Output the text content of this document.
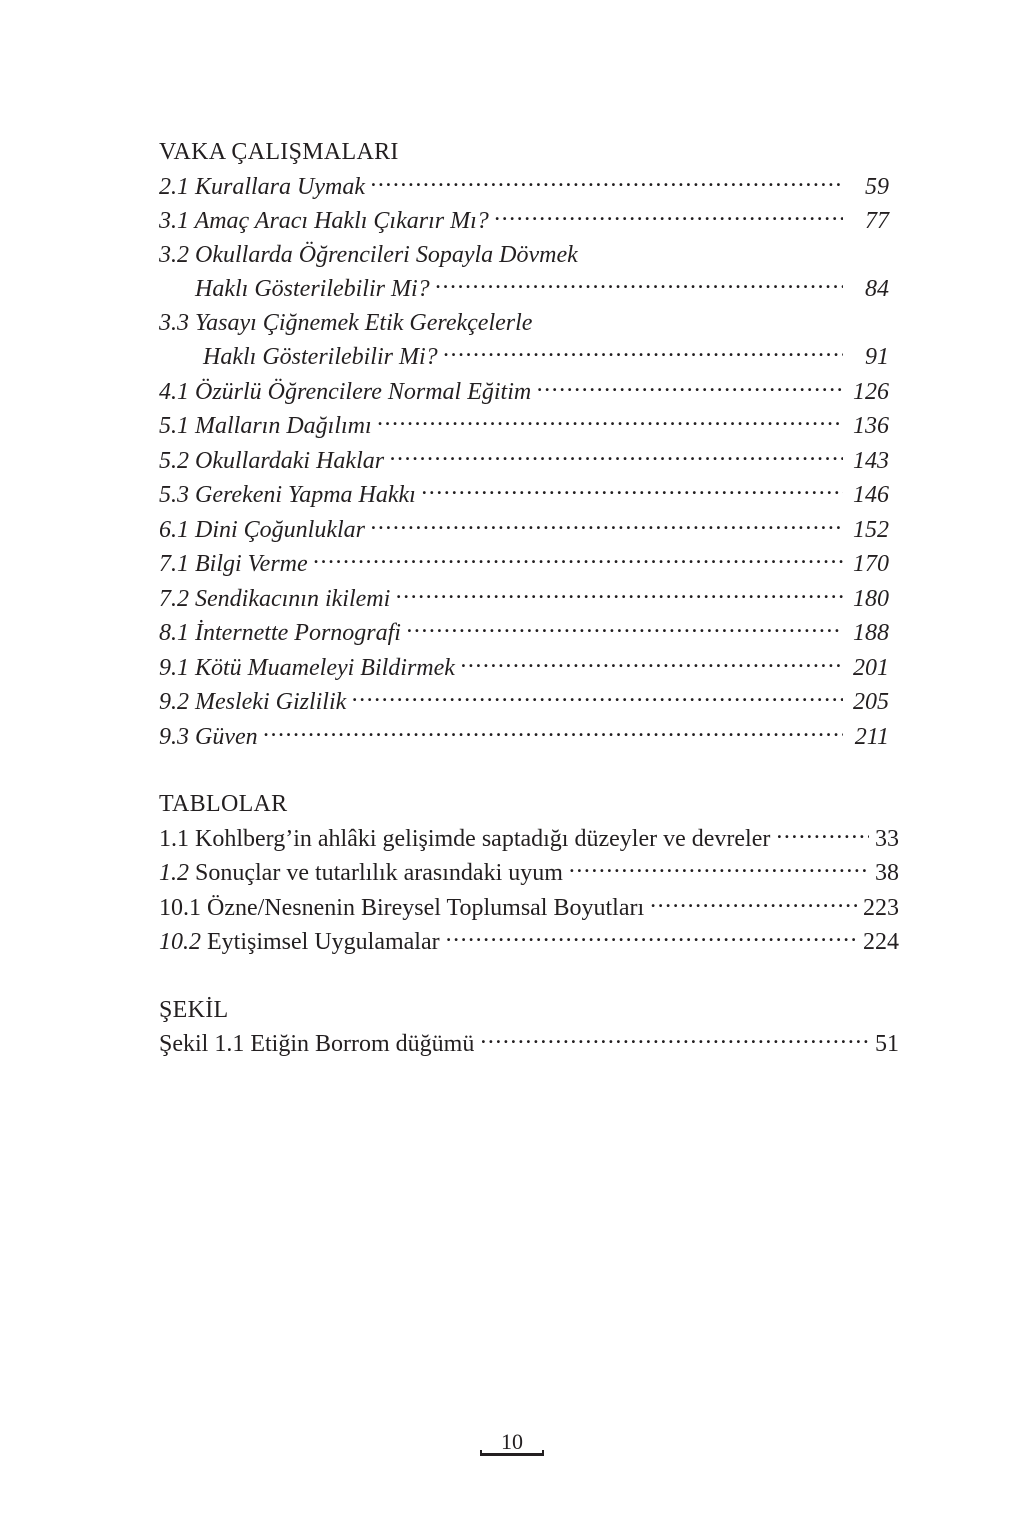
VAKA ÇALIŞMALARI
2.1 Kurallara Uymak .....	59
3.1 Amaç Aracı Haklı Çıkarır Mı? .....	77
3.2 Okullarda Öğrencileri Sopayla Dövmek
Haklı Gösterilebilir Mi? .....	84
3.3 Yasayı Çiğnemek Etik Gerekçelerle
Haklı Gösterilebilir Mi? .....	91
4.1 Özürlü Öğrencilere Normal Eğitim .....	126
5.1 Malların Dağılımı .....	136
5.2 Okullardaki Haklar .....	143
5.3 Gerekeni Yapma Hakkı .....	146
6.1 Dini Çoğunluklar .....	152
7.1 Bilgi Verme .....	170
7.2 Sendikacının ikilemi .....	180
8.1 İnternette Pornografi .....	188
9.1 Kötü Muameleyi Bildirmek .....	201
9.2 Mesleki Gizlilik .....	205
9.3 Güven .....	211
TABLOLAR
1.1 Kohlberg’in ahlâki gelişimde saptadığı düzeyler ve devreler .....	33
1.2 Sonuçlar ve tutarlılık arasındaki uyum .....	38
10.1 Özne/Nesnenin Bireysel Toplumsal Boyutları .....	223
10.2 Eytişimsel Uygulamalar .....	224
ŞEKİL
Şekil 1.1 Etiğin Borrom düğümü .....	51
10
